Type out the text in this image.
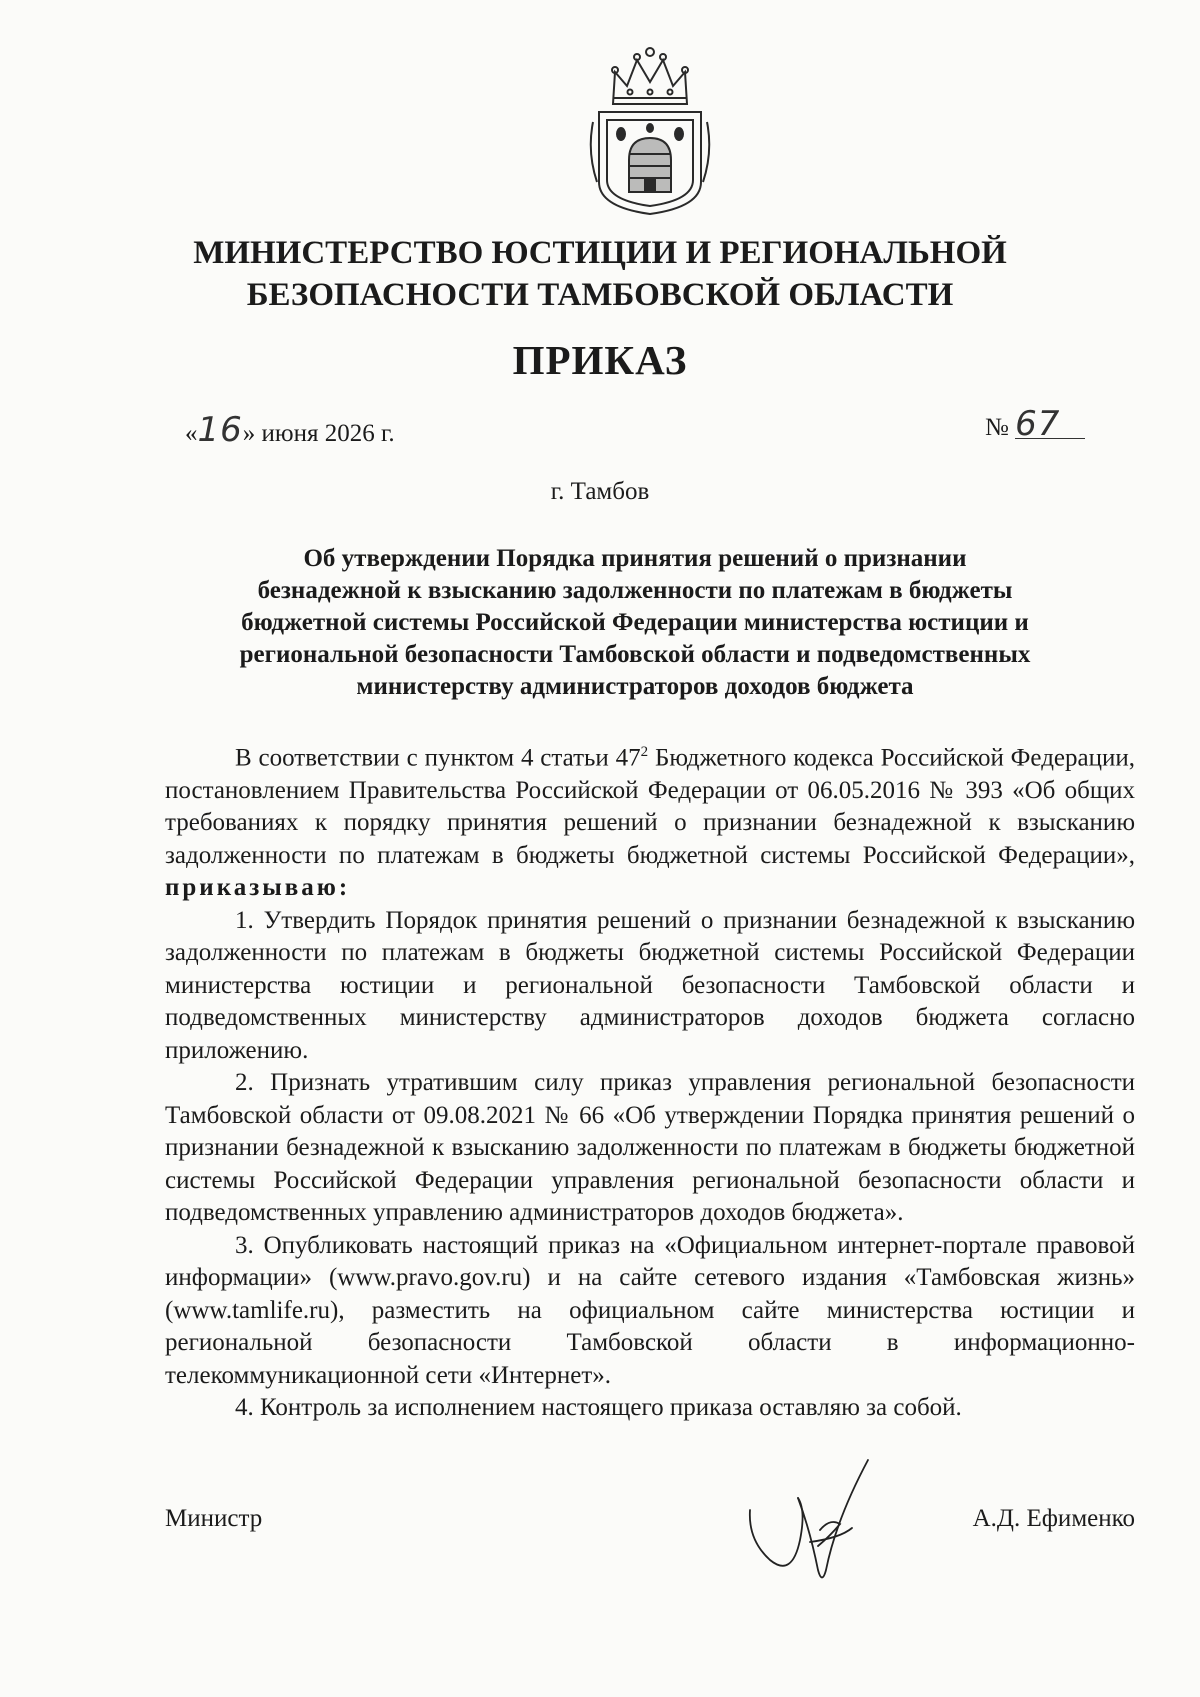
МИНИСТЕРСТВО ЮСТИЦИИ И РЕГИОНАЛЬНОЙ
БЕЗОПАСНОСТИ ТАМБОВСКОЙ ОБЛАСТИ
ПРИКАЗ
«16» июня 2026 г.	№ 67
г. Тамбов
Об утверждении Порядка принятия решений о признании
безнадежной к взысканию задолженности по платежам в бюджеты
бюджетной системы Российской Федерации министерства юстиции и
региональной безопасности Тамбовской области и подведомственных
министерству администраторов доходов бюджета

В соответствии с пунктом 4 статьи $47^2$ Бюджетного кодекса Российской Федерации, постановлением Правительства Российской Федерации от 06.05.2016 № 393 «Об общих требованиях к порядку принятия решений о признании безнадежной к взысканию задолженности по платежам в бюджеты бюджетной системы Российской Федерации», приказываю:

1. Утвердить Порядок принятия решений о признании безнадежной к взысканию задолженности по платежам в бюджеты бюджетной системы Российской Федерации министерства юстиции и региональной безопасности Тамбовской области и подведомственных министерству администраторов доходов бюджета согласно приложению.

2. Признать утратившим силу приказ управления региональной безопасности Тамбовской области от 09.08.2021 № 66 «Об утверждении Порядка принятия решений о признании безнадежной к взысканию задолженности по платежам в бюджеты бюджетной системы Российской Федерации управления региональной безопасности области и подведомственных управлению администраторов доходов бюджета».

3. Опубликовать настоящий приказ на «Официальном интернет-портале правовой информации» (www.pravo.gov.ru) и на сайте сетевого издания «Тамбовская жизнь» (www.tamlife.ru), разместить на официальном сайте министерства юстиции и региональной безопасности Тамбовской области в информационно-телекоммуникационной сети «Интернет».

4. Контроль за исполнением настоящего приказа оставляю за собой.

Министр	А.Д. Ефименко
